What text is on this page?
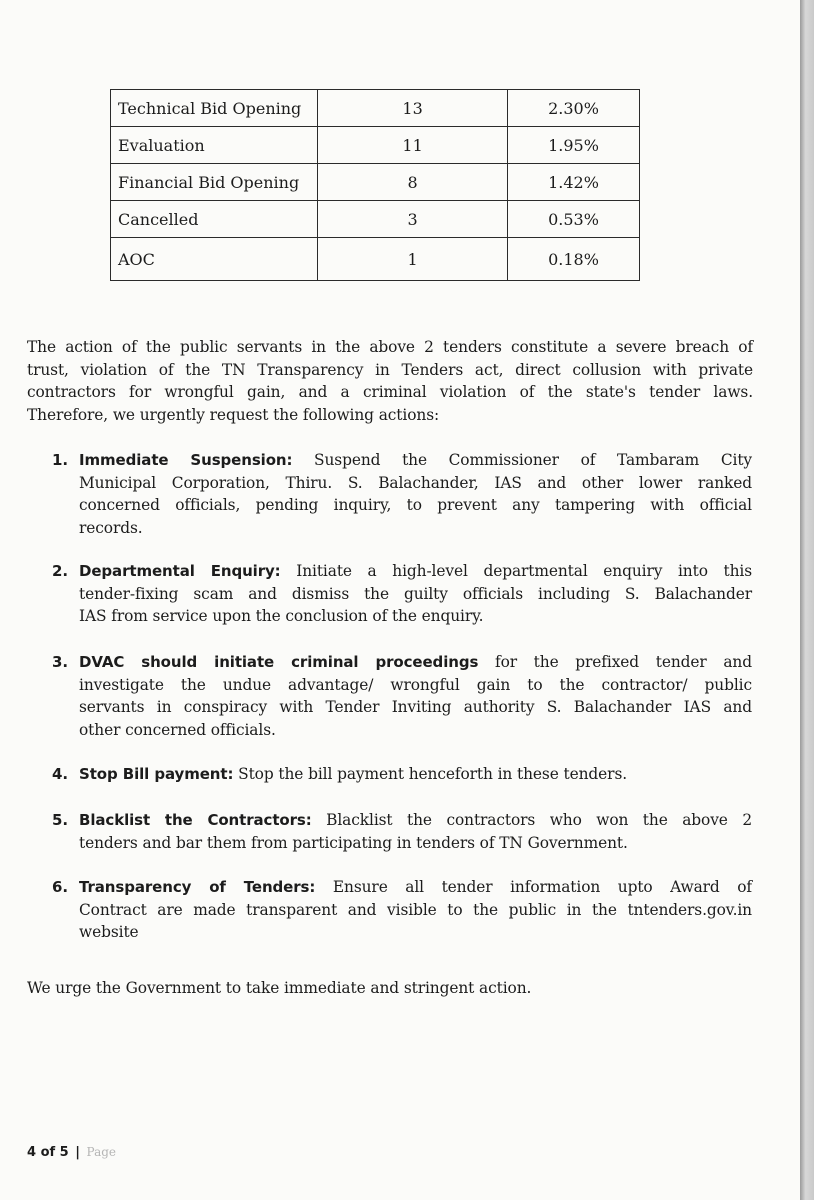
Technical Bid Opening	13	2.30%
Evaluation	11	1.95%
Financial Bid Opening	8	1.42%
Cancelled	3	0.53%
AOC	1	0.18%
The action of the public servants in the above 2 tenders constitute a severe breach of
trust, violation of the TN Transparency in Tenders act, direct collusion with private
contractors for wrongful gain, and a criminal violation of the state's tender laws.
Therefore, we urgently request the following actions:
1. Immediate Suspension: Suspend the Commissioner of Tambaram City
Municipal Corporation, Thiru. S. Balachander, IAS and other lower ranked
concerned officials, pending inquiry, to prevent any tampering with official
records.
2. Departmental Enquiry: Initiate a high-level departmental enquiry into this
tender-fixing scam and dismiss the guilty officials including S. Balachander
IAS from service upon the conclusion of the enquiry.
3. DVAC should initiate criminal proceedings for the prefixed tender and
investigate the undue advantage/ wrongful gain to the contractor/ public
servants in conspiracy with Tender Inviting authority S. Balachander IAS and
other concerned officials.
4. Stop Bill payment: Stop the bill payment henceforth in these tenders.
5. Blacklist the Contractors: Blacklist the contractors who won the above 2
tenders and bar them from participating in tenders of TN Government.
6. Transparency of Tenders: Ensure all tender information upto Award of
Contract are made transparent and visible to the public in the tntenders.gov.in
website
We urge the Government to take immediate and stringent action.
4 of 5 | Page
